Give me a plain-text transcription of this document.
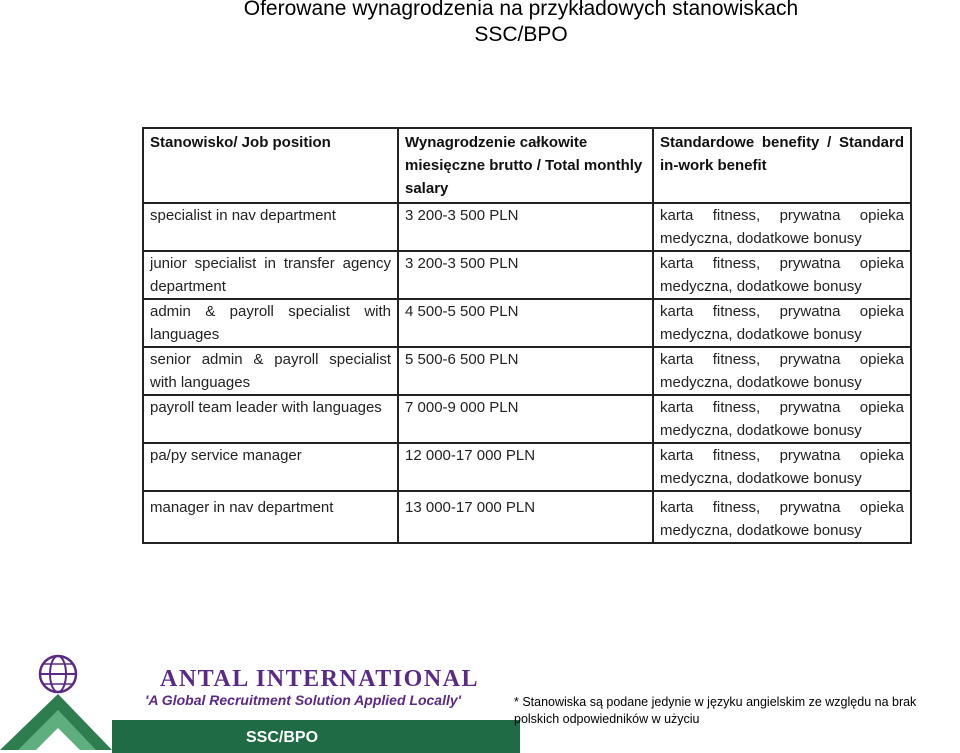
Oferowane wynagrodzenia na przykładowych stanowiskach
SSC/BPO
Stanowisko/ Job position	Wynagrodzenie całkowite miesięczne brutto / Total monthly salary	Standardowe benefity / Standard in-work benefit
specialist in nav department	3 200-3 500 PLN	karta fitness, prywatna opieka medyczna, dodatkowe bonusy
junior specialist in transfer agency department	3 200-3 500 PLN	karta fitness, prywatna opieka medyczna, dodatkowe bonusy
admin & payroll specialist with languages	4 500-5 500 PLN	karta fitness, prywatna opieka medyczna, dodatkowe bonusy
senior admin & payroll specialist with languages	5 500-6 500 PLN	karta fitness, prywatna opieka medyczna, dodatkowe bonusy
payroll team leader with languages	7 000-9 000 PLN	karta fitness, prywatna opieka medyczna, dodatkowe bonusy
pa/py service manager	12 000-17 000 PLN	karta fitness, prywatna opieka medyczna, dodatkowe bonusy
manager in nav department	13 000-17 000 PLN	karta fitness, prywatna opieka medyczna, dodatkowe bonusy
ANTAL INTERNATIONAL
'A Global Recruitment Solution Applied Locally'
SSC/BPO
* Stanowiska są podane jedynie w języku angielskim ze względu na brak polskich odpowiedników w użyciu
